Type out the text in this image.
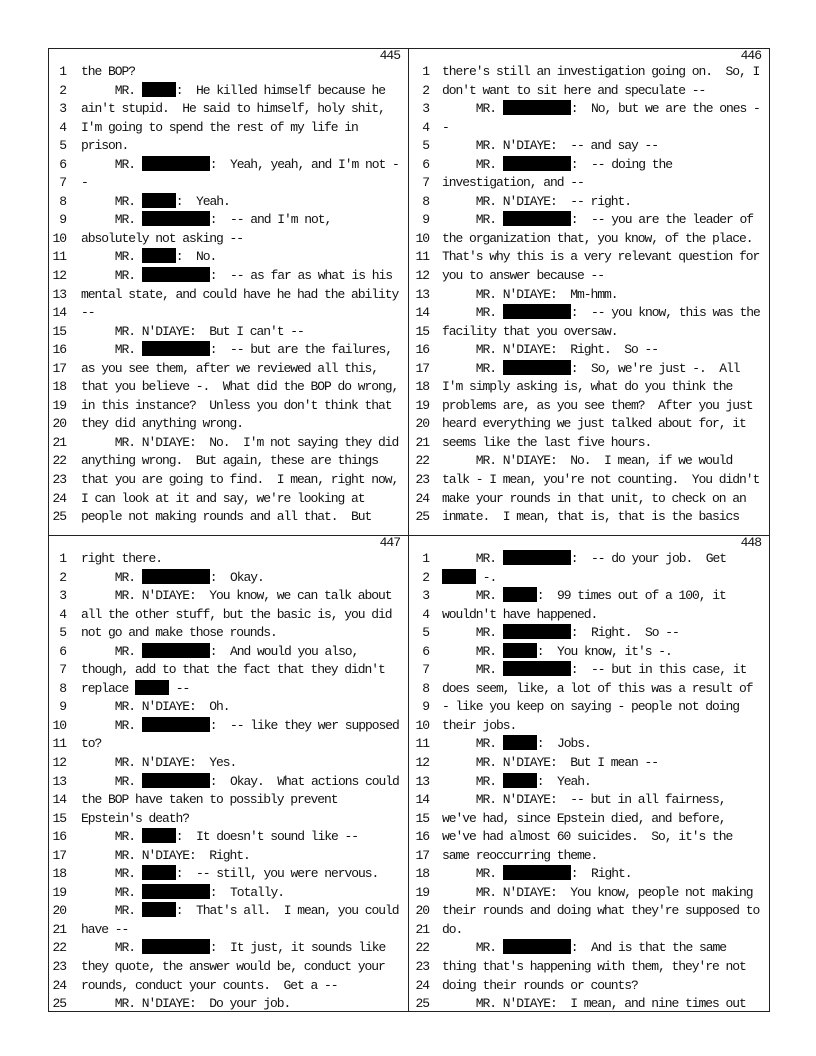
445
1 the BOP?
2     MR.	:  He killed himself because he
3 ain't stupid.  He said to himself, holy shit,
4 I'm going to spend the rest of my life in
5 prison.
6     MR.	:  Yeah, yeah, and I'm not -
7 -
8     MR.	:  Yeah.
9     MR.	:  -- and I'm not,
10 absolutely not asking --
11     MR.	:  No.
12     MR.	:  -- as far as what is his
13 mental state, and could have he had the ability
14 --
15     MR. N'DIAYE:  But I can't --
16     MR.	:  -- but are the failures,
17 as you see them, after we reviewed all this,
18 that you believe -.  What did the BOP do wrong,
19 in this instance?  Unless you don't think that
20 they did anything wrong.
21     MR. N'DIAYE:  No.  I'm not saying they did
22 anything wrong.  But again, these are things
23 that you are going to find.  I mean, right now,
24 I can look at it and say, we're looking at
25 people not making rounds and all that.  But
446
1 there's still an investigation going on.  So, I
2 don't want to sit here and speculate --
3     MR.	:  No, but we are the ones -
4 -
5     MR. N'DIAYE:  -- and say --
6     MR.	:  -- doing the
7 investigation, and --
8     MR. N'DIAYE:  -- right.
9     MR.	:  -- you are the leader of
10 the organization that, you know, of the place.
11 That's why this is a very relevant question for
12 you to answer because --
13     MR. N'DIAYE:  Mm-hmm.
14     MR.	:  -- you know, this was the
15 facility that you oversaw.
16     MR. N'DIAYE:  Right.  So --
17     MR.	:  So, we're just -.  All
18 I'm simply asking is, what do you think the
19 problems are, as you see them?  After you just
20 heard everything we just talked about for, it
21 seems like the last five hours.
22     MR. N'DIAYE:  No.  I mean, if we would
23 talk - I mean, you're not counting.  You didn't
24 make your rounds in that unit, to check on an
25 inmate.  I mean, that is, that is the basics
447
1 right there.
2     MR.	:  Okay.
3     MR. N'DIAYE:  You know, we can talk about
4 all the other stuff, but the basic is, you did
5 not go and make those rounds.
6     MR.	:  And would you also,
7 though, add to that the fact that they didn't
8 replace	--
9     MR. N'DIAYE:  Oh.
10     MR.	:  -- like they wer supposed
11 to?
12     MR. N'DIAYE:  Yes.
13     MR.	:  Okay.  What actions could
14 the BOP have taken to possibly prevent
15 Epstein's death?
16     MR.	:  It doesn't sound like --
17     MR. N'DIAYE:  Right.
18     MR.	:  -- still, you were nervous.
19     MR.	:  Totally.
20     MR.	:  That's all.  I mean, you could
21 have --
22     MR.	:  It just, it sounds like
23 they quote, the answer would be, conduct your
24 rounds, conduct your counts.  Get a --
25     MR. N'DIAYE:  Do your job.
448
1     MR.	:  -- do your job.  Get
2	-.
3     MR.	:  99 times out of a 100, it
4 wouldn't have happened.
5     MR.	:  Right.  So --
6     MR.	:  You know, it's -.
7     MR.	:  -- but in this case, it
8 does seem, like, a lot of this was a result of
9 - like you keep on saying - people not doing
10 their jobs.
11     MR.	:  Jobs.
12     MR. N'DIAYE:  But I mean --
13     MR.	:  Yeah.
14     MR. N'DIAYE:  -- but in all fairness,
15 we've had, since Epstein died, and before,
16 we've had almost 60 suicides.  So, it's the
17 same reoccurring theme.
18     MR.	:  Right.
19     MR. N'DIAYE:  You know, people not making
20 their rounds and doing what they're supposed to
21 do.
22     MR.	:  And is that the same
23 thing that's happening with them, they're not
24 doing their rounds or counts?
25     MR. N'DIAYE:  I mean, and nine times out
